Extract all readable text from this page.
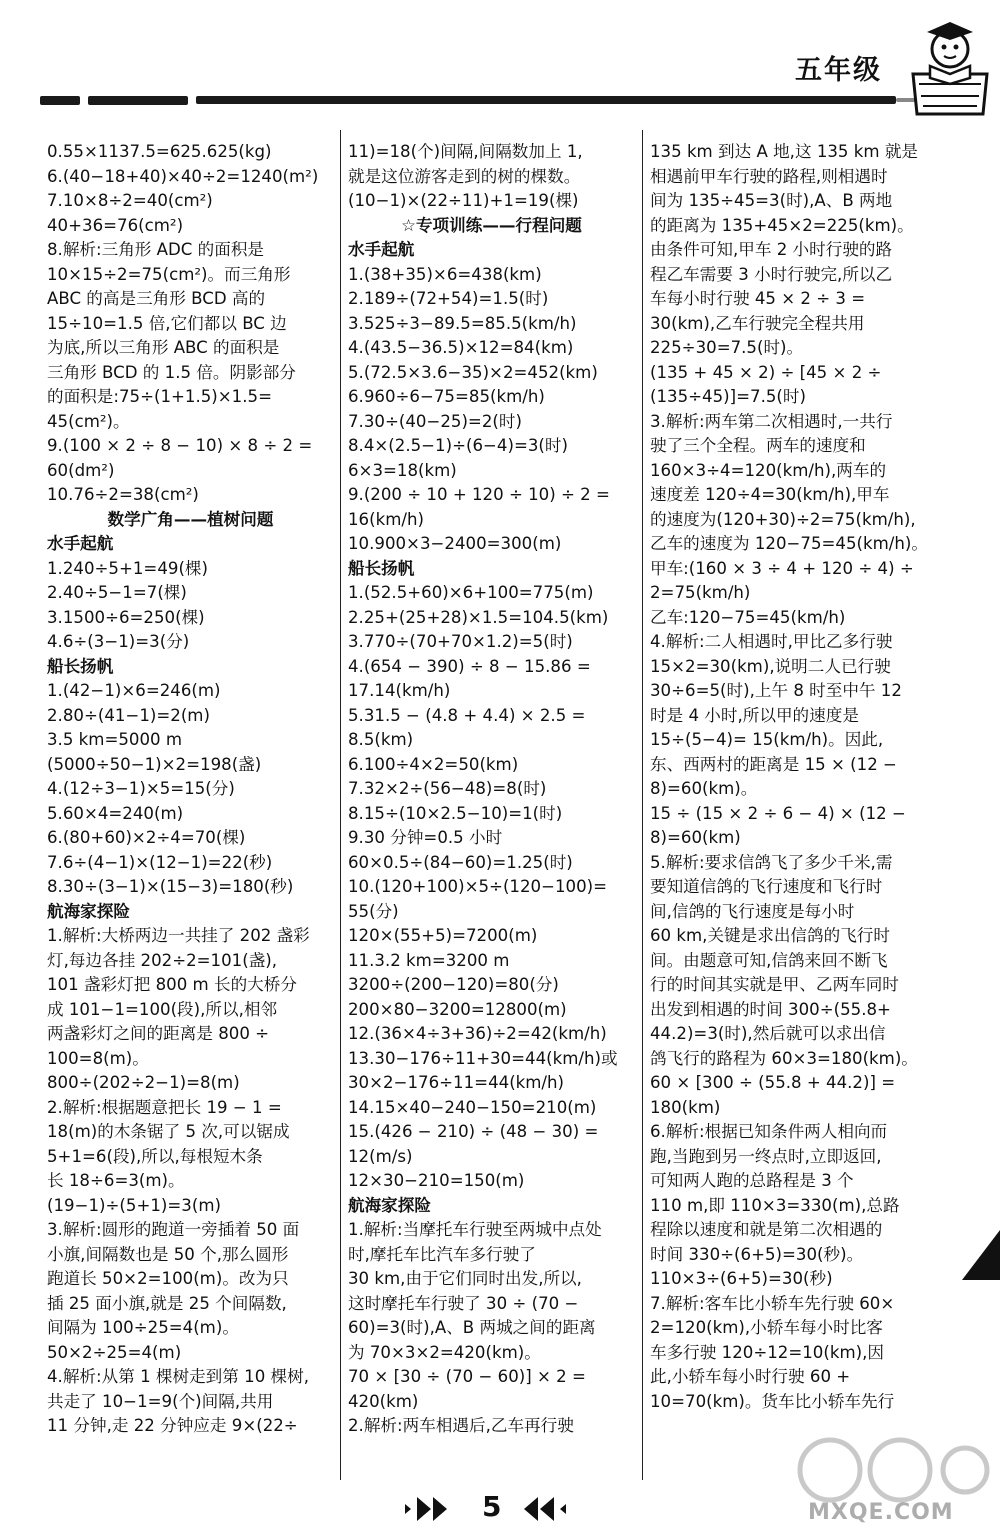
五年级
0.55×1137.5=625.625(kg)
6.(40−18+40)×40÷2=1240(m²)
7.10×8÷2=40(cm²)
40+36=76(cm²)
8.解析:三角形 ADC 的面积是
10×15÷2=75(cm²)。而三角形
ABC 的高是三角形 BCD 高的
15÷10=1.5 倍,它们都以 BC 边
为底,所以三角形 ABC 的面积是
三角形 BCD 的 1.5 倍。阴影部分
的面积是:75÷(1+1.5)×1.5=
45(cm²)。
9.(100 × 2 ÷ 8 − 10) × 8 ÷ 2 =
60(dm²)
10.76÷2=38(cm²)
数学广角——植树问题
水手起航
1.240÷5+1=49(棵)
2.40÷5−1=7(棵)
3.1500÷6=250(棵)
4.6÷(3−1)=3(分)
船长扬帆
1.(42−1)×6=246(m)
2.80÷(41−1)=2(m)
3.5 km=5000 m
(5000÷50−1)×2=198(盏)
4.(12÷3−1)×5=15(分)
5.60×4=240(m)
6.(80+60)×2÷4=70(棵)
7.6÷(4−1)×(12−1)=22(秒)
8.30÷(3−1)×(15−3)=180(秒)
航海家探险
1.解析:大桥两边一共挂了 202 盏彩
灯,每边各挂 202÷2=101(盏),
101 盏彩灯把 800 m 长的大桥分
成 101−1=100(段),所以,相邻
两盏彩灯之间的距离是 800 ÷
100=8(m)。
800÷(202÷2−1)=8(m)
2.解析:根据题意把长 19 − 1 =
18(m)的木条锯了 5 次,可以锯成
5+1=6(段),所以,每根短木条
长 18÷6=3(m)。
(19−1)÷(5+1)=3(m)
3.解析:圆形的跑道一旁插着 50 面
小旗,间隔数也是 50 个,那么圆形
跑道长 50×2=100(m)。改为只
插 25 面小旗,就是 25 个间隔数,
间隔为 100÷25=4(m)。
50×2÷25=4(m)
4.解析:从第 1 棵树走到第 10 棵树,
共走了 10−1=9(个)间隔,共用
11 分钟,走 22 分钟应走 9×(22÷
11)=18(个)间隔,间隔数加上 1,
就是这位游客走到的树的棵数。
(10−1)×(22÷11)+1=19(棵)
☆专项训练——行程问题
水手起航
1.(38+35)×6=438(km)
2.189÷(72+54)=1.5(时)
3.525÷3−89.5=85.5(km/h)
4.(43.5−36.5)×12=84(km)
5.(72.5×3.6−35)×2=452(km)
6.960÷6−75=85(km/h)
7.30÷(40−25)=2(时)
8.4×(2.5−1)÷(6−4)=3(时)
6×3=18(km)
9.(200 ÷ 10 + 120 ÷ 10) ÷ 2 =
16(km/h)
10.900×3−2400=300(m)
船长扬帆
1.(52.5+60)×6+100=775(m)
2.25+(25+28)×1.5=104.5(km)
3.770÷(70+70×1.2)=5(时)
4.(654 − 390) ÷ 8 − 15.86 =
17.14(km/h)
5.31.5 − (4.8 + 4.4) × 2.5 =
8.5(km)
6.100÷4×2=50(km)
7.32×2÷(56−48)=8(时)
8.15÷(10×2.5−10)=1(时)
9.30 分钟=0.5 小时
60×0.5÷(84−60)=1.25(时)
10.(120+100)×5÷(120−100)=
55(分)
120×(55+5)=7200(m)
11.3.2 km=3200 m
3200÷(200−120)=80(分)
200×80−3200=12800(m)
12.(36×4÷3+36)÷2=42(km/h)
13.30−176÷11+30=44(km/h)或
30×2−176÷11=44(km/h)
14.15×40−240−150=210(m)
15.(426 − 210) ÷ (48 − 30) =
12(m/s)
12×30−210=150(m)
航海家探险
1.解析:当摩托车行驶至两城中点处
时,摩托车比汽车多行驶了
30 km,由于它们同时出发,所以,
这时摩托车行驶了 30 ÷ (70 −
60)=3(时),A、B 两城之间的距离
为 70×3×2=420(km)。
70 × [30 ÷ (70 − 60)] × 2 =
420(km)
2.解析:两车相遇后,乙车再行驶
135 km 到达 A 地,这 135 km 就是
相遇前甲车行驶的路程,则相遇时
间为 135÷45=3(时),A、B 两地
的距离为 135+45×2=225(km)。
由条件可知,甲车 2 小时行驶的路
程乙车需要 3 小时行驶完,所以乙
车每小时行驶 45 × 2 ÷ 3 =
30(km),乙车行驶完全程共用
225÷30=7.5(时)。
(135 + 45 × 2) ÷ [45 × 2 ÷
(135÷45)]=7.5(时)
3.解析:两车第二次相遇时,一共行
驶了三个全程。两车的速度和
160×3÷4=120(km/h),两车的
速度差 120÷4=30(km/h),甲车
的速度为(120+30)÷2=75(km/h),
乙车的速度为 120−75=45(km/h)。
甲车:(160 × 3 ÷ 4 + 120 ÷ 4) ÷
2=75(km/h)
乙车:120−75=45(km/h)
4.解析:二人相遇时,甲比乙多行驶
15×2=30(km),说明二人已行驶
30÷6=5(时),上午 8 时至中午 12
时是 4 小时,所以甲的速度是
15÷(5−4)= 15(km/h)。因此,
东、西两村的距离是 15 × (12 −
8)=60(km)。
15 ÷ (15 × 2 ÷ 6 − 4) × (12 −
8)=60(km)
5.解析:要求信鸽飞了多少千米,需
要知道信鸽的飞行速度和飞行时
间,信鸽的飞行速度是每小时
60 km,关键是求出信鸽的飞行时
间。由题意可知,信鸽来回不断飞
行的时间其实就是甲、乙两车同时
出发到相遇的时间 300÷(55.8+
44.2)=3(时),然后就可以求出信
鸽飞行的路程为 60×3=180(km)。
60 × [300 ÷ (55.8 + 44.2)] =
180(km)
6.解析:根据已知条件两人相向而
跑,当跑到另一终点时,立即返回,
可知两人跑的总路程是 3 个
110 m,即 110×3=330(m),总路
程除以速度和就是第二次相遇的
时间 330÷(6+5)=30(秒)。
110×3÷(6+5)=30(秒)
7.解析:客车比小轿车先行驶 60×
2=120(km),小轿车每小时比客
车多行驶 120÷12=10(km),因
此,小轿车每小时行驶 60 +
10=70(km)。货车比小轿车先行
5	MXQE.COM
